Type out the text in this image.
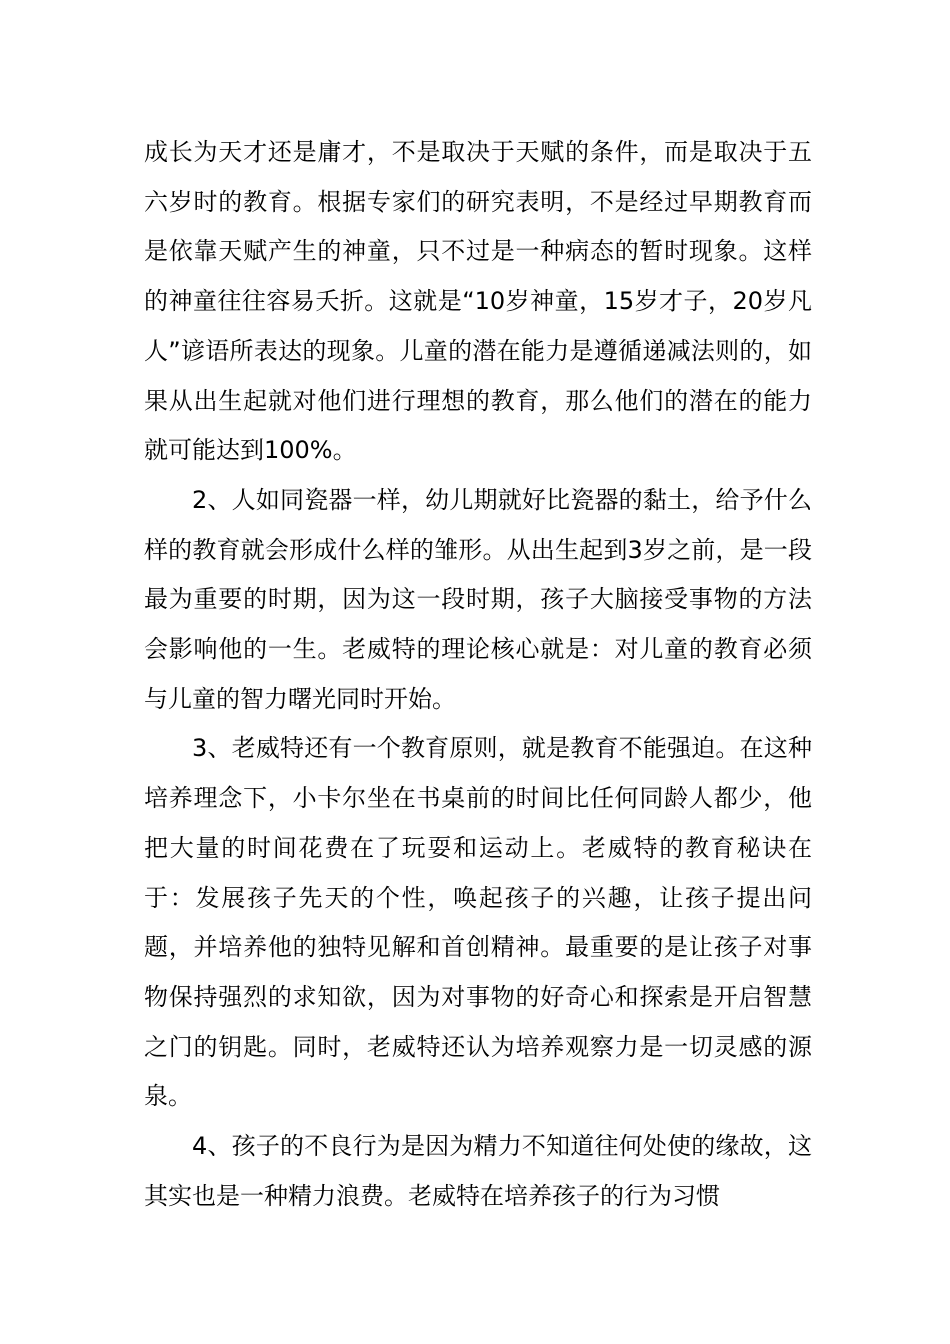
成长为天才还是庸才，不是取决于天赋的条件，而是取决于五六岁时的教育。根据专家们的研究表明，不是经过早期教育而是依靠天赋产生的神童，只不过是一种病态的暂时现象。这样的神童往往容易夭折。这就是“10岁神童，15岁才子，20岁凡人”谚语所表达的现象。儿童的潜在能力是遵循递减法则的，如果从出生起就对他们进行理想的教育，那么他们的潜在的能力就可能达到100%。

2、人如同瓷器一样，幼儿期就好比瓷器的黏土，给予什么样的教育就会形成什么样的雏形。从出生起到3岁之前，是一段最为重要的时期，因为这一段时期，孩子大脑接受事物的方法会影响他的一生。老威特的理论核心就是：对儿童的教育必须与儿童的智力曙光同时开始。

3、老威特还有一个教育原则，就是教育不能强迫。在这种培养理念下，小卡尔坐在书桌前的时间比任何同龄人都少，他把大量的时间花费在了玩耍和运动上。老威特的教育秘诀在于：发展孩子先天的个性，唤起孩子的兴趣，让孩子提出问题，并培养他的独特见解和首创精神。最重要的是让孩子对事物保持强烈的求知欲，因为对事物的好奇心和探索是开启智慧之门的钥匙。同时，老威特还认为培养观察力是一切灵感的源泉。

4、孩子的不良行为是因为精力不知道往何处使的缘故，这其实也是一种精力浪费。老威特在培养孩子的行为习惯
